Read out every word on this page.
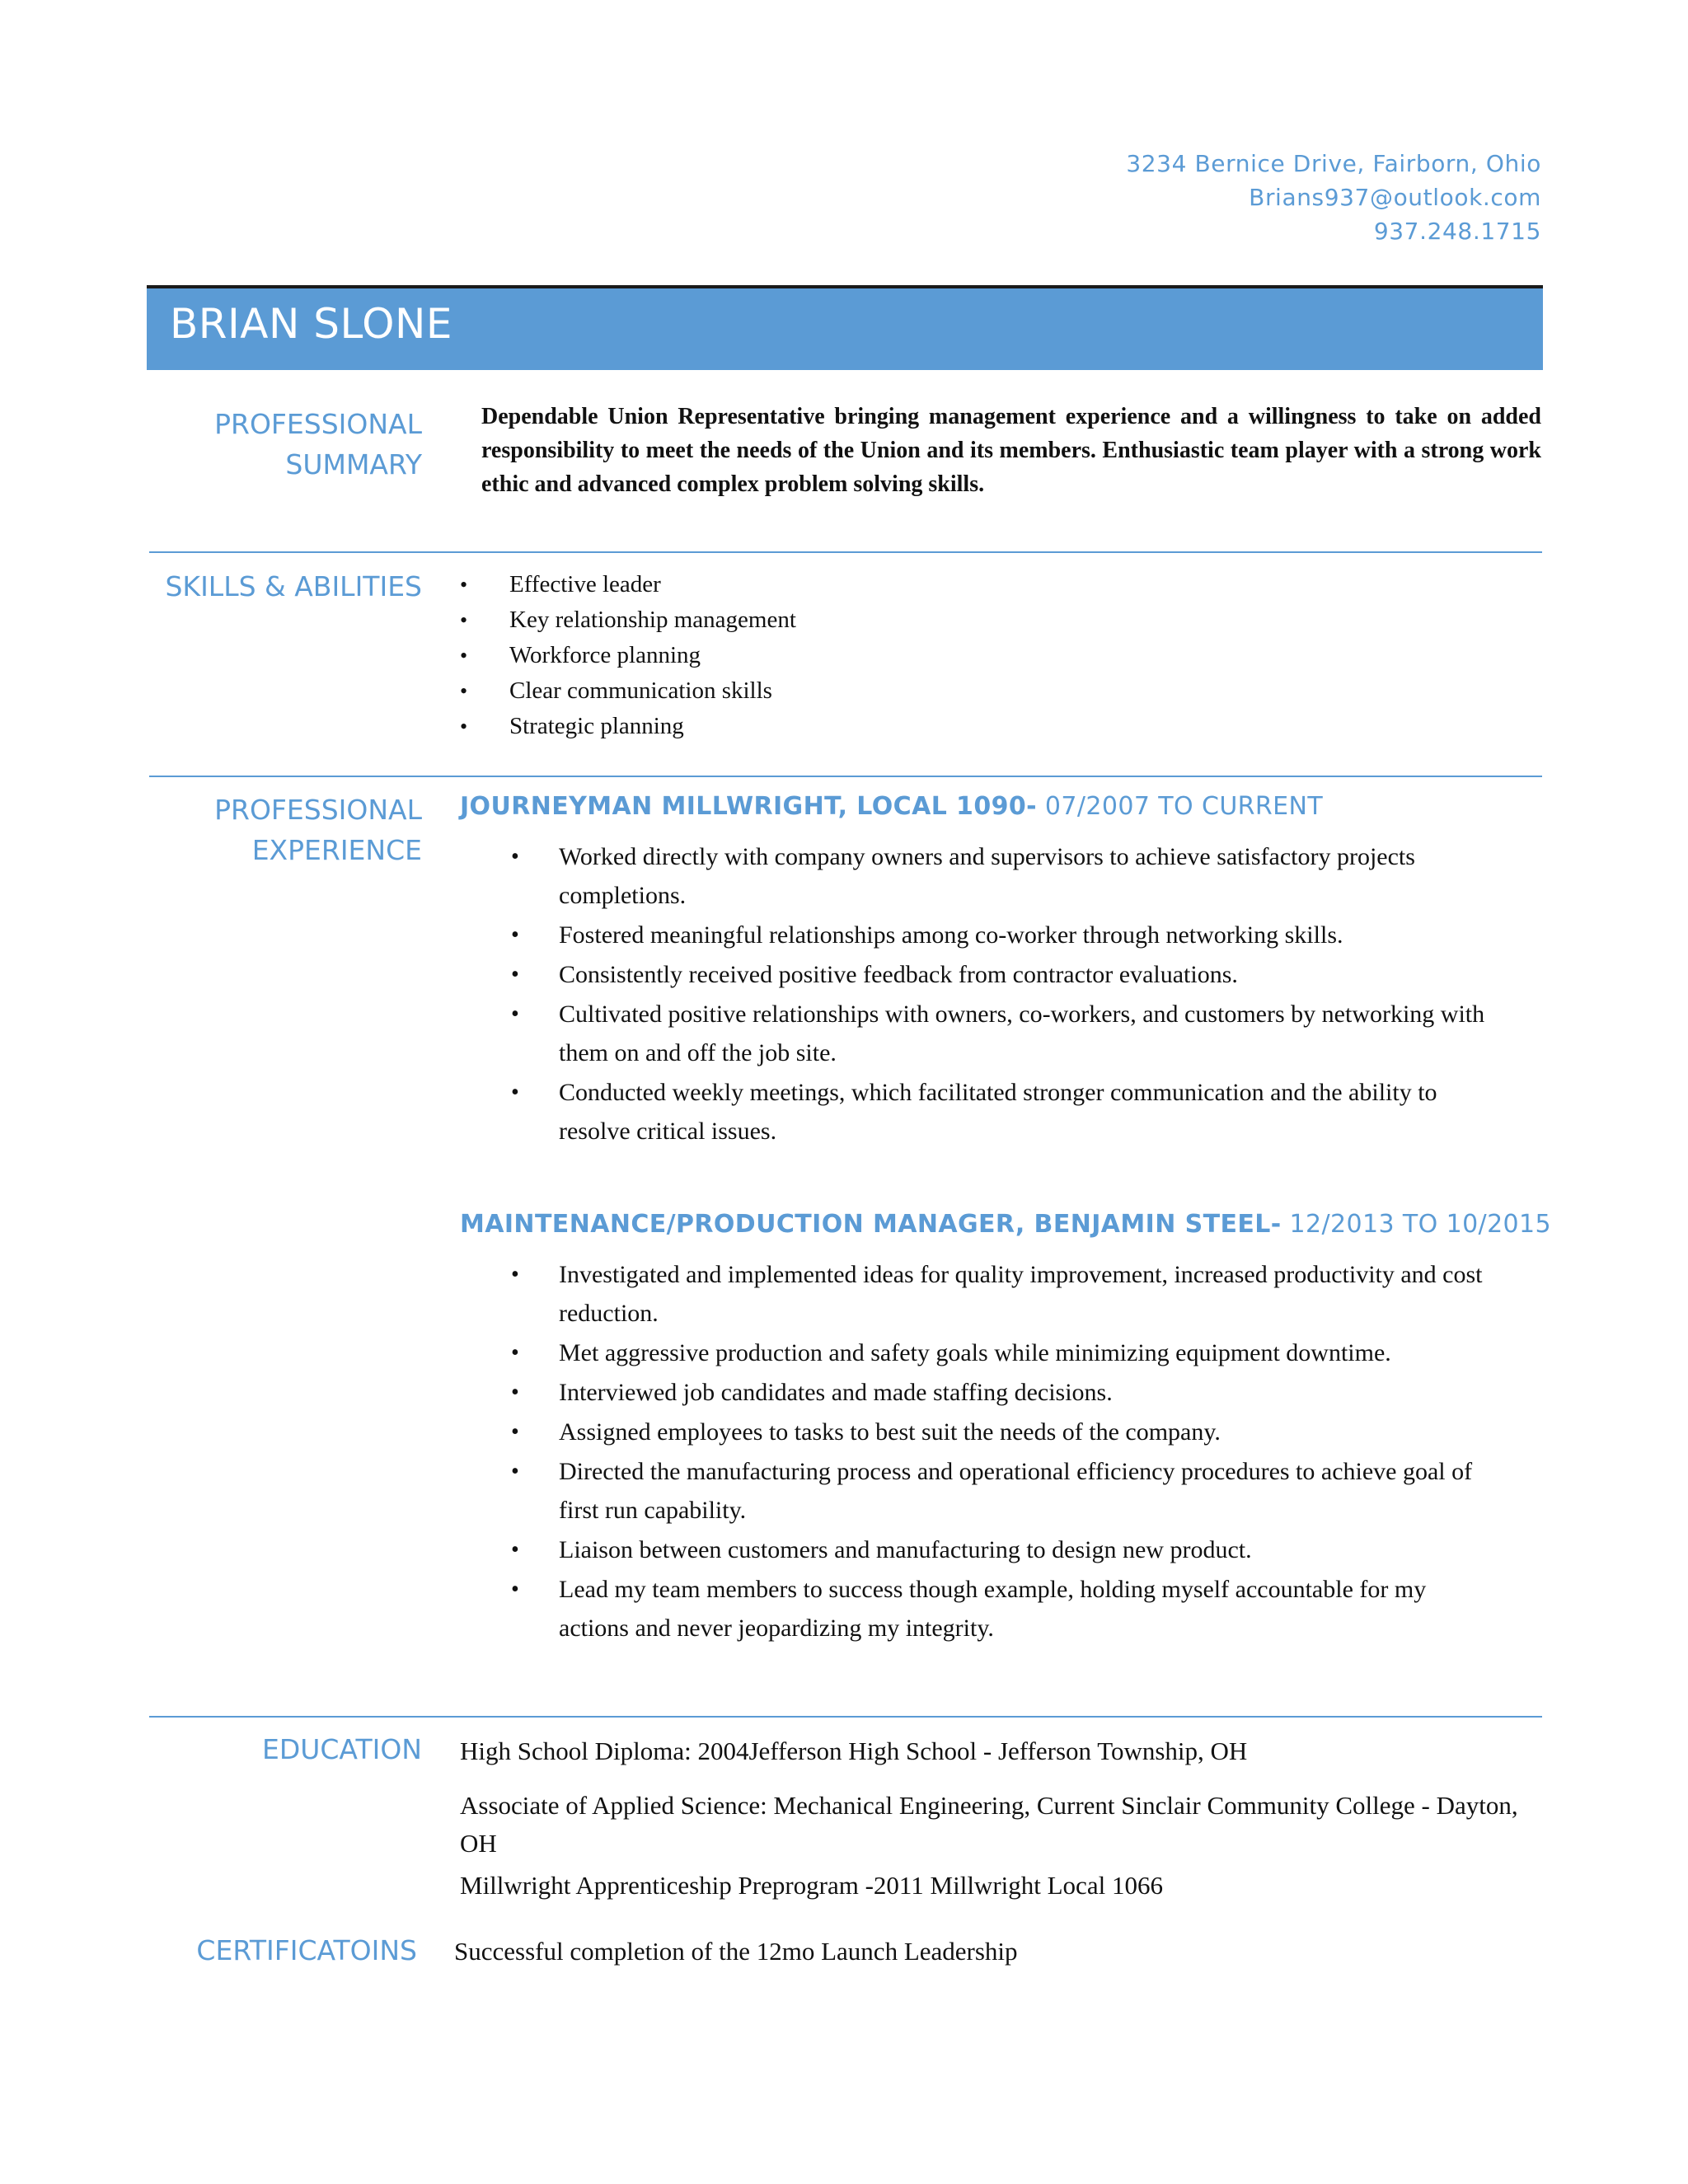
3234 Bernice Drive, Fairborn, Ohio
Brians937@outlook.com
937.248.1715
BRIAN SLONE
PROFESSIONAL
SUMMARY
Dependable Union Representative bringing management experience and a willingness to take on added responsibility to meet the needs of the Union and its members. Enthusiastic team player with a strong work ethic and advanced complex problem solving skills.
SKILLS & ABILITIES
•	Effective leader
• Key relationship management
• Workforce planning
• Clear communication skills
• Strategic planning
PROFESSIONAL
EXPERIENCE
JOURNEYMAN MILLWRIGHT, LOCAL 1090- 07/2007 TO CURRENT
• Worked directly with company owners and supervisors to achieve satisfactory projects completions.
• Fostered meaningful relationships among co-worker through networking skills.
• Consistently received positive feedback from contractor evaluations.
• Cultivated positive relationships with owners, co-workers, and customers by networking with them on and off the job site.
• Conducted weekly meetings, which facilitated stronger communication and the ability to resolve critical issues.
MAINTENANCE/PRODUCTION MANAGER, BENJAMIN STEEL- 12/2013 TO 10/2015
• Investigated and implemented ideas for quality improvement, increased productivity and cost reduction.
• Met aggressive production and safety goals while minimizing equipment downtime.
• Interviewed job candidates and made staffing decisions.
• Assigned employees to tasks to best suit the needs of the company.
• Directed the manufacturing process and operational efficiency procedures to achieve goal of first run capability.
• Liaison between customers and manufacturing to design new product.
• Lead my team members to success though example, holding myself accountable for my actions and never jeopardizing my integrity.
EDUCATION High School Diploma: 2004Jefferson High School - Jefferson Township, OH
Associate of Applied Science: Mechanical Engineering, Current Sinclair Community College - Dayton, OH
Millwright Apprenticeship Preprogram -2011 Millwright Local 1066
CERTIFICATOINS Successful completion of the 12mo Launch Leadership
